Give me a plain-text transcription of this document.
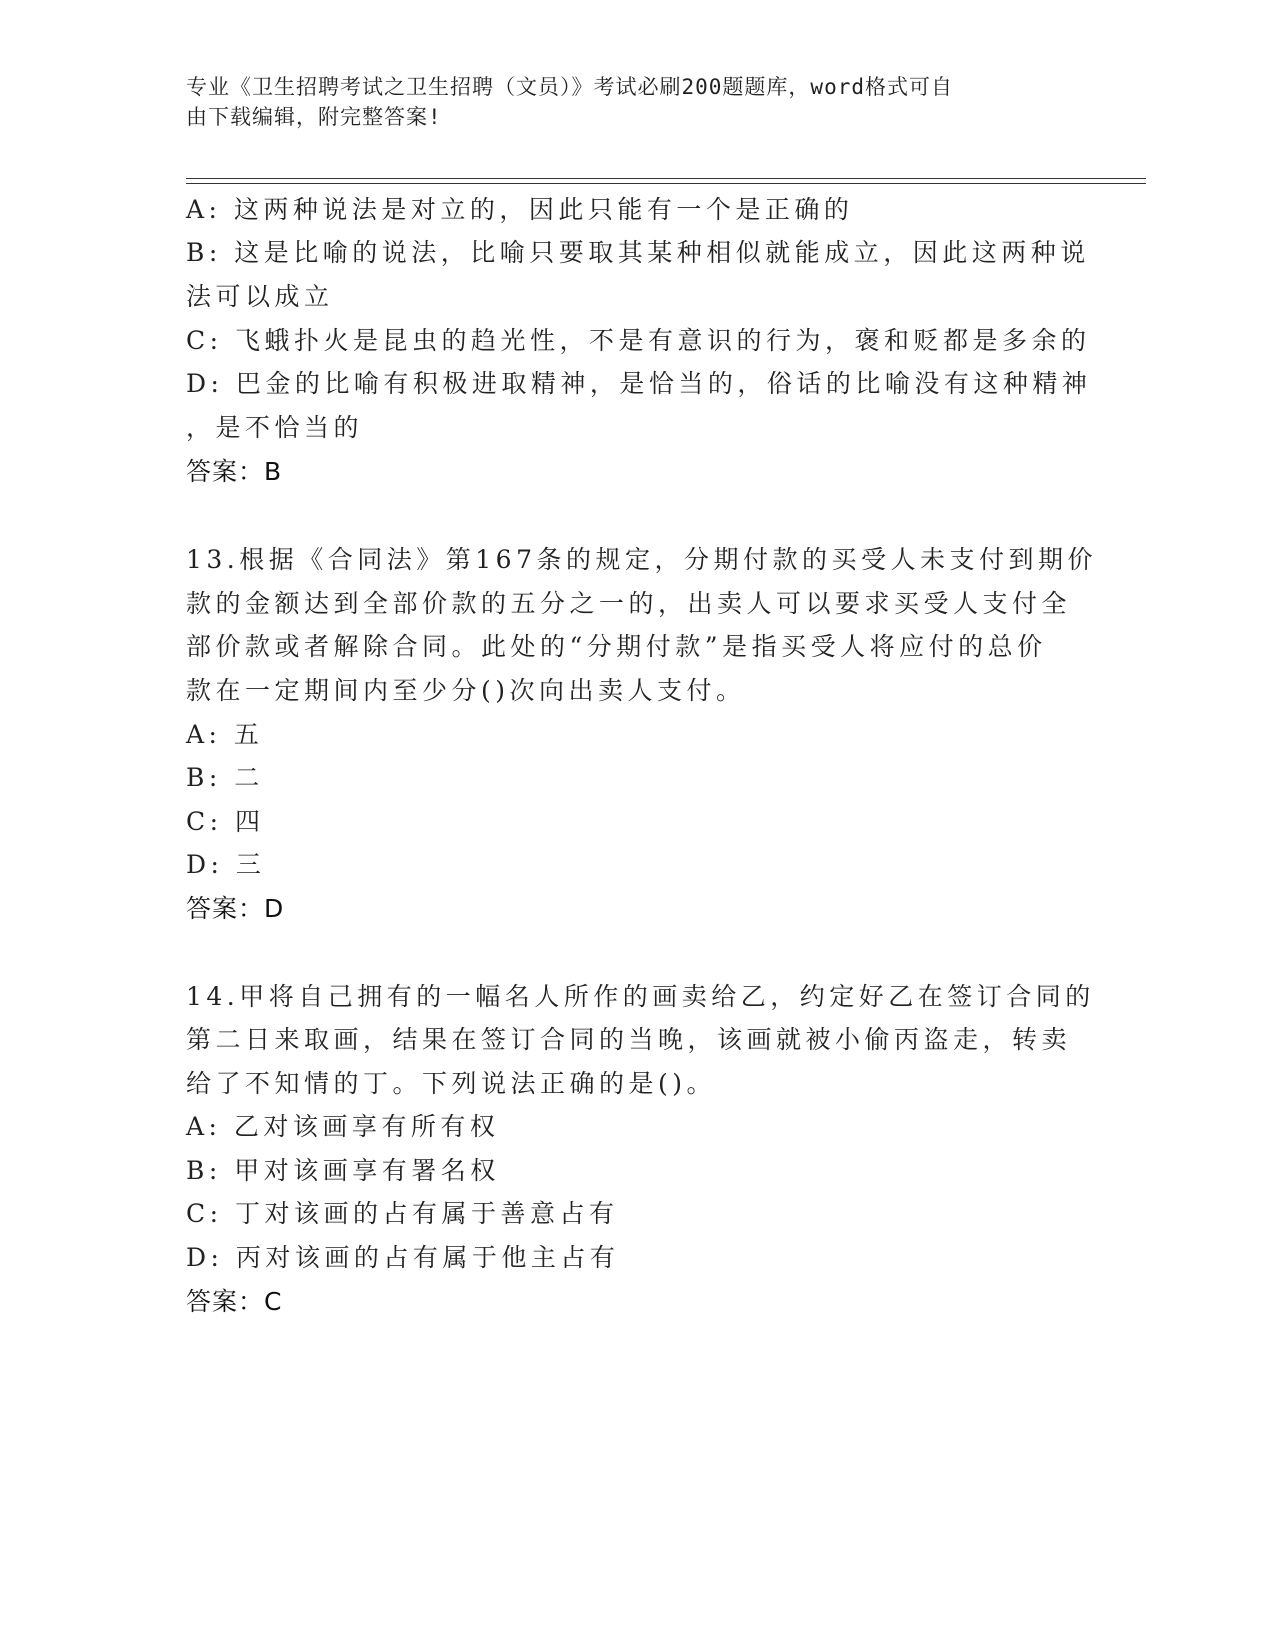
专业《卫生招聘考试之卫生招聘（文员）》考试必刷200题题库，word格式可自
由下载编辑，附完整答案!
A: 这两种说法是对立的，因此只能有一个是正确的
B: 这是比喻的说法，比喻只要取其某种相似就能成立，因此这两种说
法可以成立
C: 飞蛾扑火是昆虫的趋光性，不是有意识的行为，褒和贬都是多余的
D: 巴金的比喻有积极进取精神，是恰当的，俗话的比喻没有这种精神
，是不恰当的
答案：B
13.根据《合同法》第167条的规定，分期付款的买受人未支付到期价
款的金额达到全部价款的五分之一的，出卖人可以要求买受人支付全
部价款或者解除合同。此处的“分期付款”是指买受人将应付的总价
款在一定期间内至少分()次向出卖人支付。
A: 五
B: 二
C: 四
D: 三
答案：D
14.甲将自己拥有的一幅名人所作的画卖给乙，约定好乙在签订合同的
第二日来取画，结果在签订合同的当晚，该画就被小偷丙盗走，转卖
给了不知情的丁。下列说法正确的是()。
A: 乙对该画享有所有权
B: 甲对该画享有署名权
C: 丁对该画的占有属于善意占有
D: 丙对该画的占有属于他主占有
答案：C
